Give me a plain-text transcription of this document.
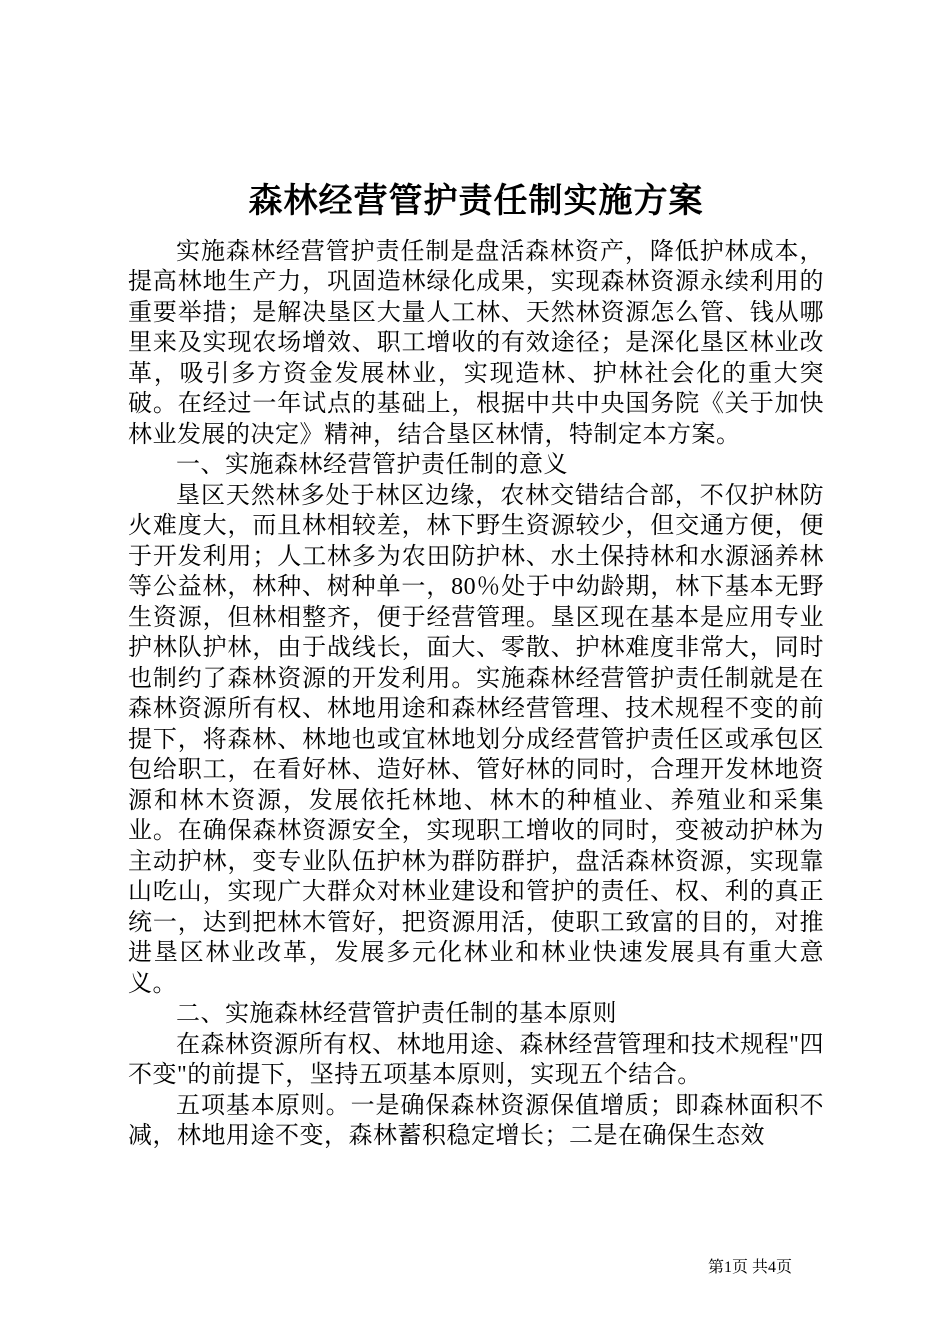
森林经营管护责任制实施方案

实施森林经营管护责任制是盘活森林资产，降低护林成本，提高林地生产力，巩固造林绿化成果，实现森林资源永续利用的重要举措；是解决垦区大量人工林、天然林资源怎么管、钱从哪里来及实现农场增效、职工增收的有效途径；是深化垦区林业改革，吸引多方资金发展林业，实现造林、护林社会化的重大突破。在经过一年试点的基础上，根据中共中央国务院《关于加快林业发展的决定》精神，结合垦区林情，特制定本方案。

一、实施森林经营管护责任制的意义

垦区天然林多处于林区边缘，农林交错结合部，不仅护林防火难度大，而且林相较差，林下野生资源较少，但交通方便，便于开发利用；人工林多为农田防护林、水土保持林和水源涵养林等公益林，林种、树种单一，80％处于中幼龄期，林下基本无野生资源，但林相整齐，便于经营管理。垦区现在基本是应用专业护林队护林，由于战线长，面大、零散、护林难度非常大，同时也制约了森林资源的开发利用。实施森林经营管护责任制就是在森林资源所有权、林地用途和森林经营管理、技术规程不变的前提下，将森林、林地也或宜林地划分成经营管护责任区或承包区包给职工，在看好林、造好林、管好林的同时，合理开发林地资源和林木资源，发展依托林地、林木的种植业、养殖业和采集业。在确保森林资源安全，实现职工增收的同时，变被动护林为主动护林，变专业队伍护林为群防群护，盘活森林资源，实现靠山吃山，实现广大群众对林业建设和管护的责任、权、利的真正统一，达到把林木管好，把资源用活，使职工致富的目的，对推进垦区林业改革，发展多元化林业和林业快速发展具有重大意义。

二、实施森林经营管护责任制的基本原则

在森林资源所有权、林地用途、森林经营管理和技术规程"四不变"的前提下，坚持五项基本原则，实现五个结合。

五项基本原则。一是确保森林资源保值增质；即森林面积不减，林地用途不变，森林蓄积稳定增长；二是在确保生态效

第1页 共4页
